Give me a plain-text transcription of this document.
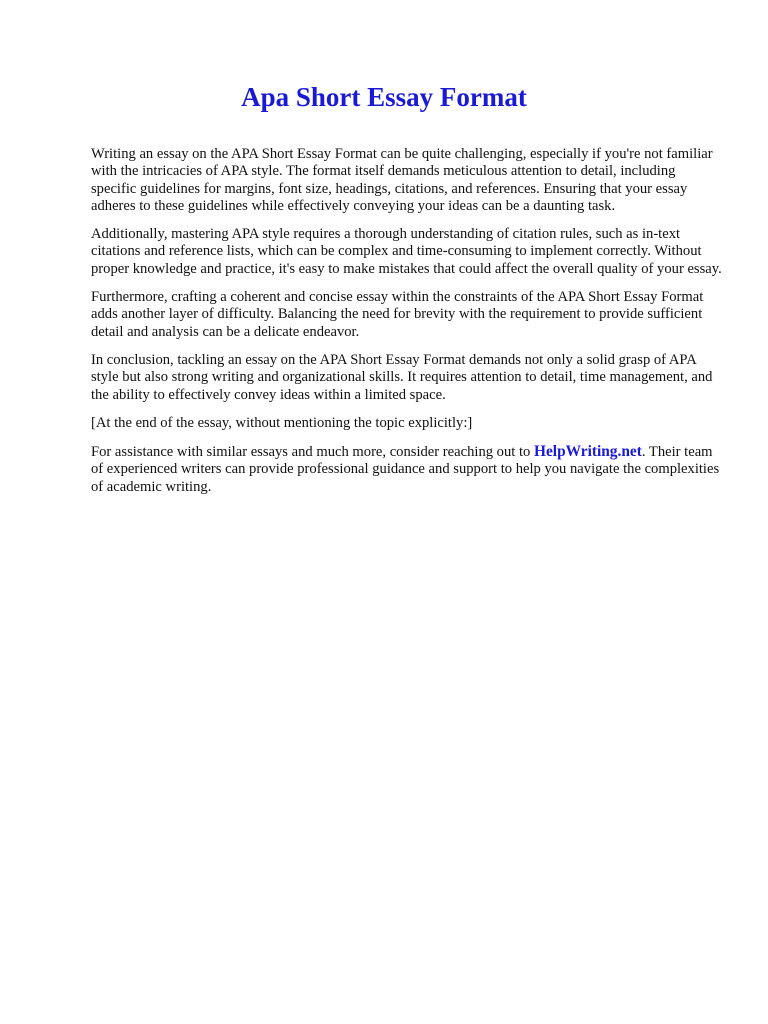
Apa Short Essay Format

Writing an essay on the APA Short Essay Format can be quite challenging, especially if you're not familiar with the intricacies of APA style. The format itself demands meticulous attention to detail, including specific guidelines for margins, font size, headings, citations, and references. Ensuring that your essay adheres to these guidelines while effectively conveying your ideas can be a daunting task.

Additionally, mastering APA style requires a thorough understanding of citation rules, such as in-text citations and reference lists, which can be complex and time-consuming to implement correctly. Without proper knowledge and practice, it's easy to make mistakes that could affect the overall quality of your essay.

Furthermore, crafting a coherent and concise essay within the constraints of the APA Short Essay Format adds another layer of difficulty. Balancing the need for brevity with the requirement to provide sufficient detail and analysis can be a delicate endeavor.

In conclusion, tackling an essay on the APA Short Essay Format demands not only a solid grasp of APA style but also strong writing and organizational skills. It requires attention to detail, time management, and the ability to effectively convey ideas within a limited space.

[At the end of the essay, without mentioning the topic explicitly:]

For assistance with similar essays and much more, consider reaching out to HelpWriting.net. Their team of experienced writers can provide professional guidance and support to help you navigate the complexities of academic writing.
